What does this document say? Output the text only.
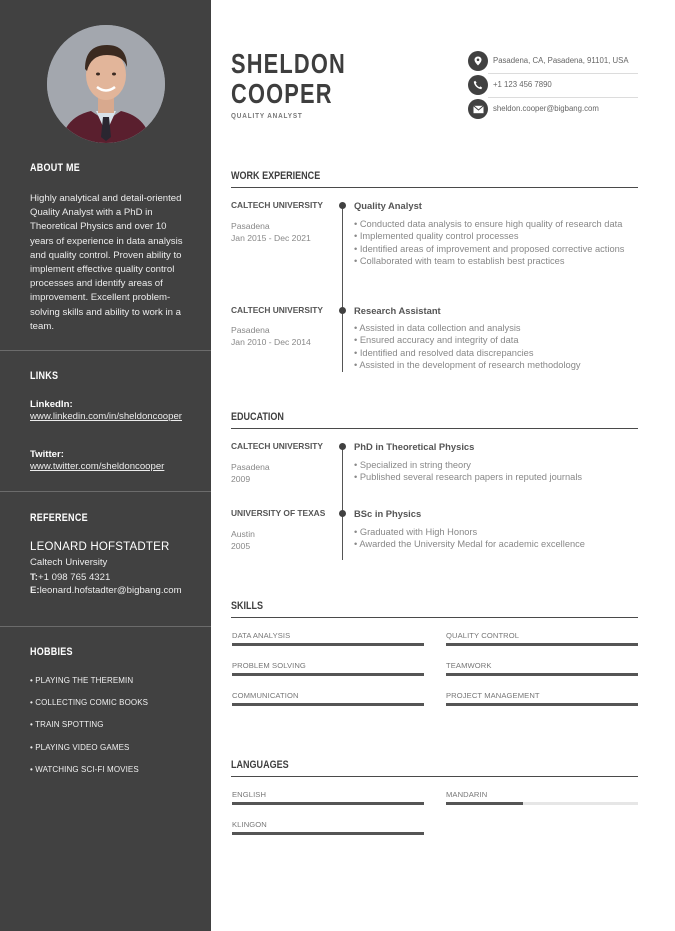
ABOUT ME
Highly analytical and detail-oriented Quality Analyst with a PhD in Theoretical Physics and over 10 years of experience in data analysis and quality control. Proven ability to implement effective quality control processes and identify areas of improvement. Excellent problem-solving skills and ability to work in a team.
LINKS
LinkedIn:
www.linkedin.com/in/sheldoncooper
Twitter:
www.twitter.com/sheldoncooper
REFERENCE
LEONARD HOFSTADTER
Caltech University
T:+1 098 765 4321
E: leonard.hofstadter@bigbang.com
HOBBIES
• PLAYING THE THEREMIN
• COLLECTING COMIC BOOKS
• TRAIN SPOTTING
• PLAYING VIDEO GAMES
• WATCHING SCI-FI MOVIES
SHELDON
COOPER
QUALITY ANALYST
Pasadena, CA, Pasadena, 91101, USA
+1 123 456 7890
sheldon.cooper@bigbang.com
WORK EXPERIENCE
CALTECH UNIVERSITY
Pasadena
Jan 2015 - Dec 2021
Quality Analyst
• Conducted data analysis to ensure high quality of research data
• Implemented quality control processes
• Identified areas of improvement and proposed corrective actions
• Collaborated with team to establish best practices
CALTECH UNIVERSITY
Pasadena
Jan 2010 - Dec 2014
Research Assistant
• Assisted in data collection and analysis
• Ensured accuracy and integrity of data
• Identified and resolved data discrepancies
• Assisted in the development of research methodology
EDUCATION
CALTECH UNIVERSITY
Pasadena
2009
PhD in Theoretical Physics
• Specialized in string theory
• Published several research papers in reputed journals
UNIVERSITY OF TEXAS
Austin
2005
BSc in Physics
• Graduated with High Honors
• Awarded the University Medal for academic excellence
SKILLS
DATA ANALYSIS	QUALITY CONTROL
PROBLEM SOLVING	TEAMWORK
COMMUNICATION	PROJECT MANAGEMENT
LANGUAGES
ENGLISH	MANDARIN
KLINGON
